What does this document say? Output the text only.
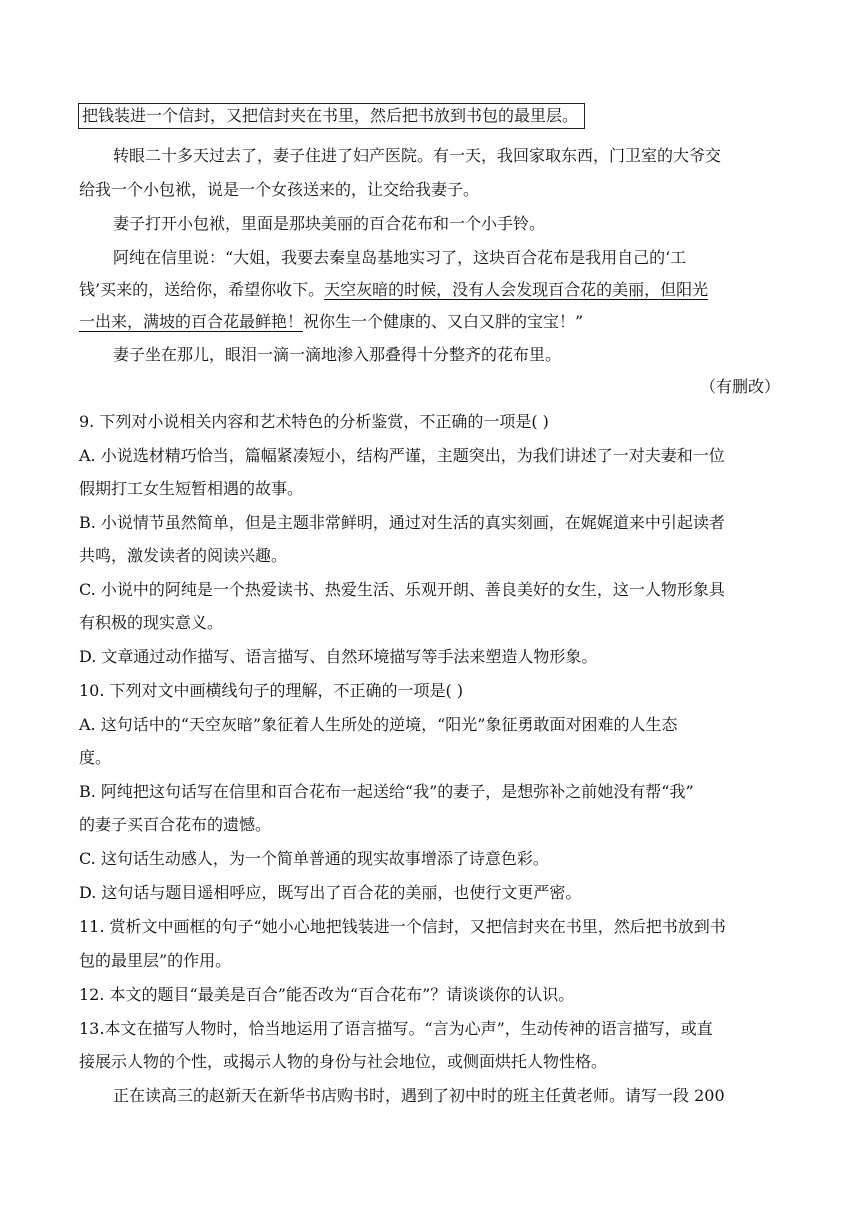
把钱装进一个信封，又把信封夹在书里，然后把书放到书包的最里层。
转眼二十多天过去了，妻子住进了妇产医院。有一天，我回家取东西，门卫室的大爷交
给我一个小包袱，说是一个女孩送来的，让交给我妻子。
妻子打开小包袱，里面是那块美丽的百合花布和一个小手铃。
阿纯在信里说：“大姐，我要去秦皇岛基地实习了，这块百合花布是我用自己的‘工
钱’买来的，送给你，希望你收下。天空灰暗的时候，没有人会发现百合花的美丽，但阳光
一出来，满坡的百合花最鲜艳！祝你生一个健康的、又白又胖的宝宝！”
妻子坐在那儿，眼泪一滴一滴地渗入那叠得十分整齐的花布里。
（有删改）
9. 下列对小说相关内容和艺术特色的分析鉴赏，不正确的一项是( )
A. 小说选材精巧恰当，篇幅紧凑短小，结构严谨，主题突出，为我们讲述了一对夫妻和一位
假期打工女生短暂相遇的故事。
B. 小说情节虽然简单，但是主题非常鲜明，通过对生活的真实刻画，在娓娓道来中引起读者
共鸣，激发读者的阅读兴趣。
C. 小说中的阿纯是一个热爱读书、热爱生活、乐观开朗、善良美好的女生，这一人物形象具
有积极的现实意义。
D. 文章通过动作描写、语言描写、自然环境描写等手法来塑造人物形象。
10. 下列对文中画横线句子的理解，不正确的一项是( )
A. 这句话中的“天空灰暗”象征着人生所处的逆境，“阳光”象征勇敢面对困难的人生态
度。
B. 阿纯把这句话写在信里和百合花布一起送给“我”的妻子，是想弥补之前她没有帮“我”
的妻子买百合花布的遗憾。
C. 这句话生动感人，为一个简单普通的现实故事增添了诗意色彩。
D. 这句话与题目遥相呼应，既写出了百合花的美丽，也使行文更严密。
11. 赏析文中画框的句子“她小心地把钱装进一个信封，又把信封夹在书里，然后把书放到书
包的最里层”的作用。
12. 本文的题目“最美是百合”能否改为“百合花布”？请谈谈你的认识。
13.本文在描写人物时，恰当地运用了语言描写。“言为心声”，生动传神的语言描写，或直
接展示人物的个性，或揭示人物的身份与社会地位，或侧面烘托人物性格。
正在读高三的赵新天在新华书店购书时，遇到了初中时的班主任黄老师。请写一段 200
